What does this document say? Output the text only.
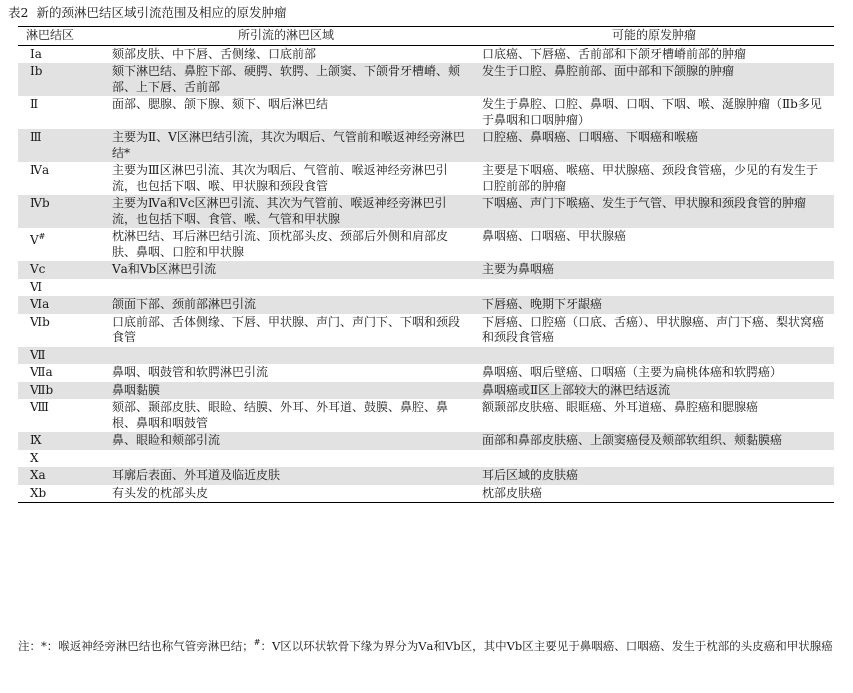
表2 新的颈淋巴结区域引流范围及相应的原发肿瘤
淋巴结区	所引流的淋巴区域	可能的原发肿瘤
Ⅰa	颏部皮肤、中下唇、舌侧缘、口底前部	口底癌、下唇癌、舌前部和下颌牙槽嵴前部的肿瘤
Ⅰb	颏下淋巴结、鼻腔下部、硬腭、软腭、上颌窦、下颌骨牙槽嵴、颊部、上下唇、舌前部	发生于口腔、鼻腔前部、面中部和下颌腺的肿瘤
Ⅱ	面部、腮腺、颌下腺、颏下、咽后淋巴结	发生于鼻腔、口腔、鼻咽、口咽、下咽、喉、涎腺肿瘤（Ⅱb多见于鼻咽和口咽肿瘤）
Ⅲ	主要为Ⅱ、Ⅴ区淋巴结引流，其次为咽后、气管前和喉返神经旁淋巴结*	口腔癌、鼻咽癌、口咽癌、下咽癌和喉癌
Ⅳa	主要为Ⅲ区淋巴引流、其次为咽后、气管前、喉返神经旁淋巴引流，也包括下咽、喉、甲状腺和颈段食管	主要是下咽癌、喉癌、甲状腺癌、颈段食管癌，少见的有发生于口腔前部的肿瘤
Ⅳb	主要为Ⅳa和Ⅴc区淋巴引流、其次为气管前、喉返神经旁淋巴引流，也包括下咽、食管、喉、气管和甲状腺	下咽癌、声门下喉癌、发生于气管、甲状腺和颈段食管的肿瘤
Ⅴ#	枕淋巴结、耳后淋巴结引流、顶枕部头皮、颈部后外侧和肩部皮肤、鼻咽、口腔和甲状腺	鼻咽癌、口咽癌、甲状腺癌
Ⅴc	Ⅴa和Ⅴb区淋巴引流	主要为鼻咽癌
Ⅵ		
Ⅵa	颌面下部、颈前部淋巴引流	下唇癌、晚期下牙龈癌
Ⅵb	口底前部、舌体侧缘、下唇、甲状腺、声门、声门下、下咽和颈段食管	下唇癌、口腔癌（口底、舌癌）、甲状腺癌、声门下癌、梨状窝癌和颈段食管癌
Ⅶ		
Ⅶa	鼻咽、咽鼓管和软腭淋巴引流	鼻咽癌、咽后壁癌、口咽癌（主要为扁桃体癌和软腭癌）
Ⅶb	鼻咽黏膜	鼻咽癌或Ⅱ区上部较大的淋巴结返流
Ⅷ	颏部、颞部皮肤、眼睑、结膜、外耳、外耳道、鼓膜、鼻腔、鼻根、鼻咽和咽鼓管	额颞部皮肤癌、眼眶癌、外耳道癌、鼻腔癌和腮腺癌
Ⅸ	鼻、眼睑和颊部引流	面部和鼻部皮肤癌、上颌窦癌侵及颊部软组织、颊黏膜癌
Ⅹ		
Ⅹa	耳廓后表面、外耳道及临近皮肤	耳后区域的皮肤癌
Ⅹb	有头发的枕部头皮	枕部皮肤癌
注：*：喉返神经旁淋巴结也称气管旁淋巴结；#：Ⅴ区以环状软骨下缘为界分为Ⅴa和Ⅴb区，其中Ⅴb区主要见于鼻咽癌、口咽癌、发生于枕部的头皮癌和甲状腺癌
